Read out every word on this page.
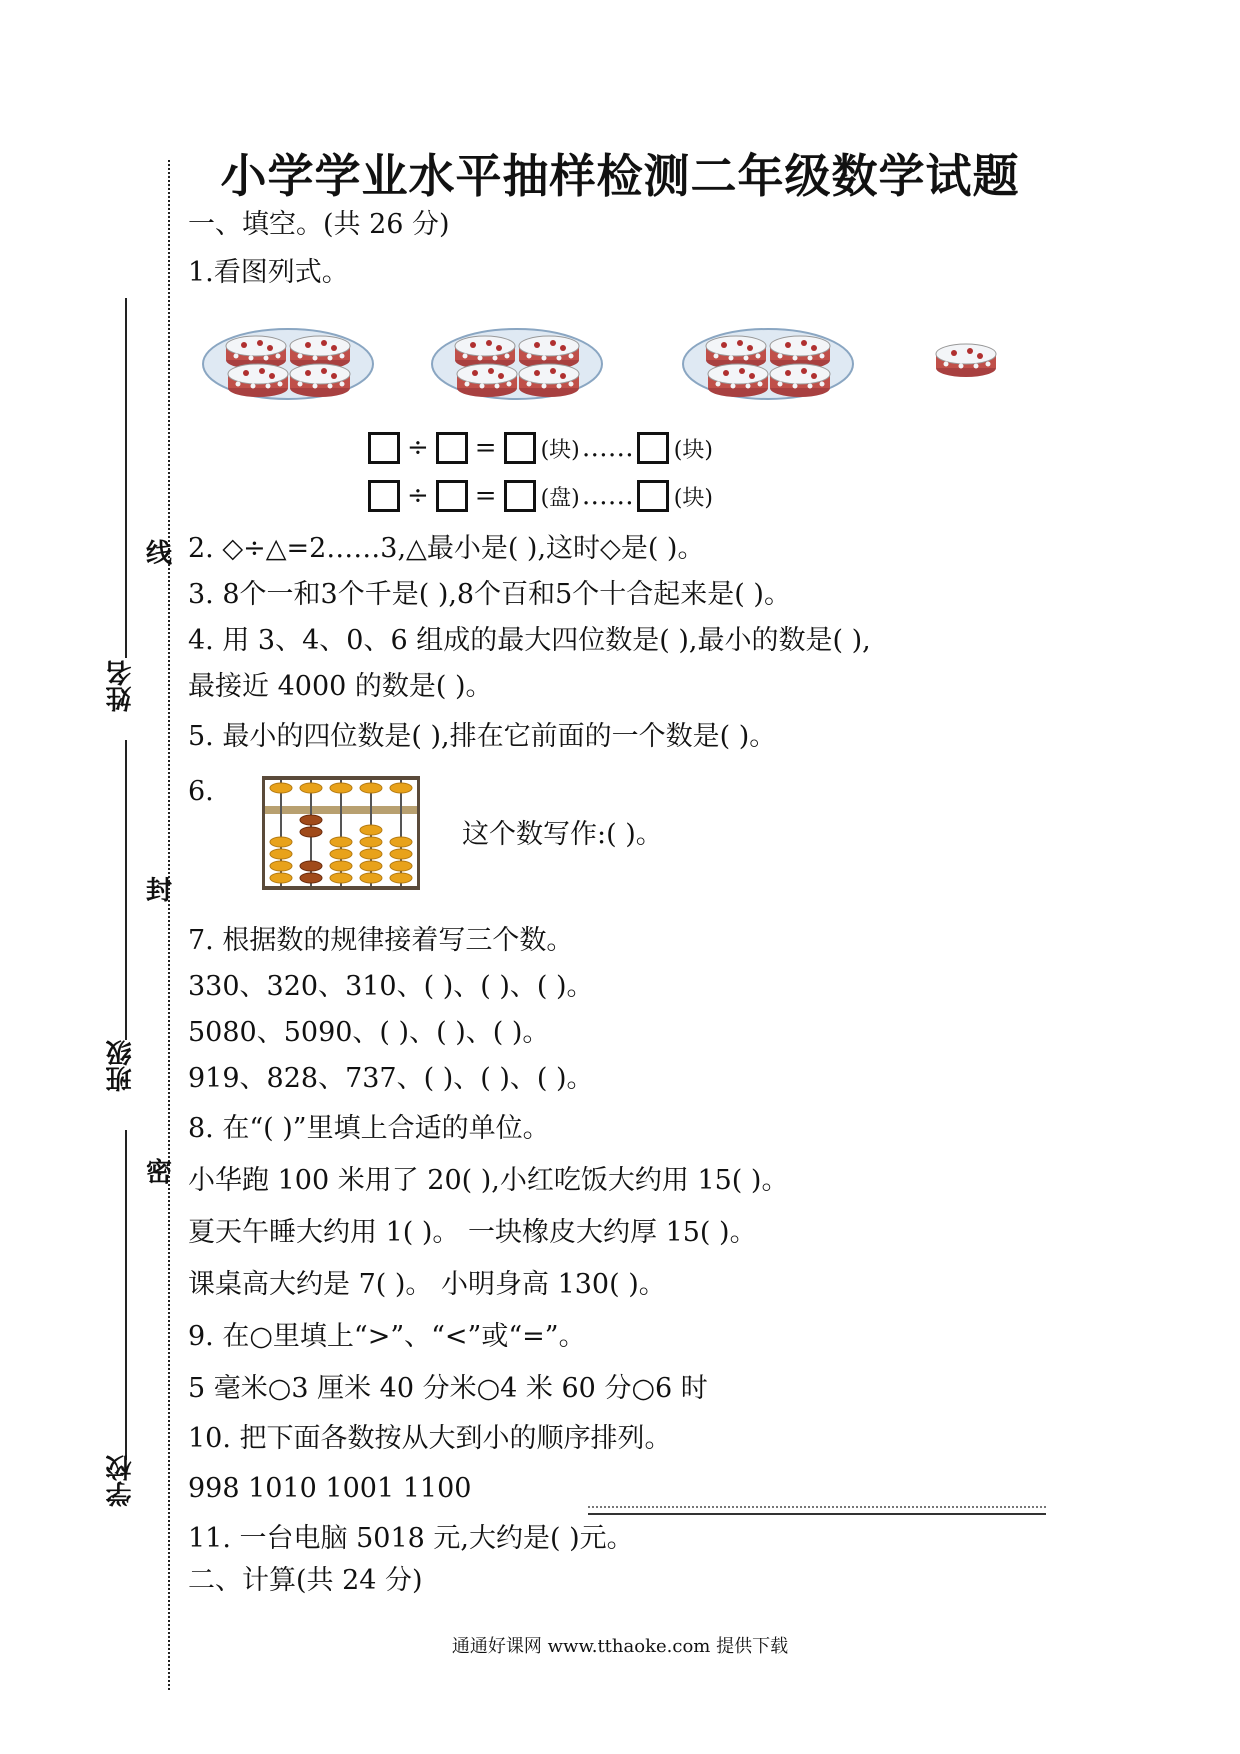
姓名
班级
学校
线
封
密
小学学业水平抽样检测二年级数学试题
一、填空。(共 26 分)
1.看图列式。
÷ = (块) …… (块)
÷ = (盘) …… (块)
2. ◇÷△=2……3,△最小是( ),这时◇是( )。
3. 8个一和3个千是( ),8个百和5个十合起来是( )。
4. 用 3、4、0、6 组成的最大四位数是( ),最小的数是( ),
最接近 4000 的数是( )。
5. 最小的四位数是( ),排在它前面的一个数是( )。
6.
这个数写作:( )。
7. 根据数的规律接着写三个数。
330、320、310、( )、( )、( )。
5080、5090、( )、( )、( )。
919、828、737、( )、( )、( )。
8. 在“( )”里填上合适的单位。
小华跑 100 米用了 20( ),小红吃饭大约用 15( )。
夏天午睡大约用 1( )。 一块橡皮大约厚 15( )。
课桌高大约是 7( )。 小明身高 130( )。
9. 在○里填上“>”、“<”或“=”。
5 毫米○3 厘米 40 分米○4 米 60 分○6 时
10. 把下面各数按从大到小的顺序排列。
998 1010 1001 1100
11. 一台电脑 5018 元,大约是( )元。
二、计算(共 24 分)
通通好课网 www.tthaoke.com 提供下载
